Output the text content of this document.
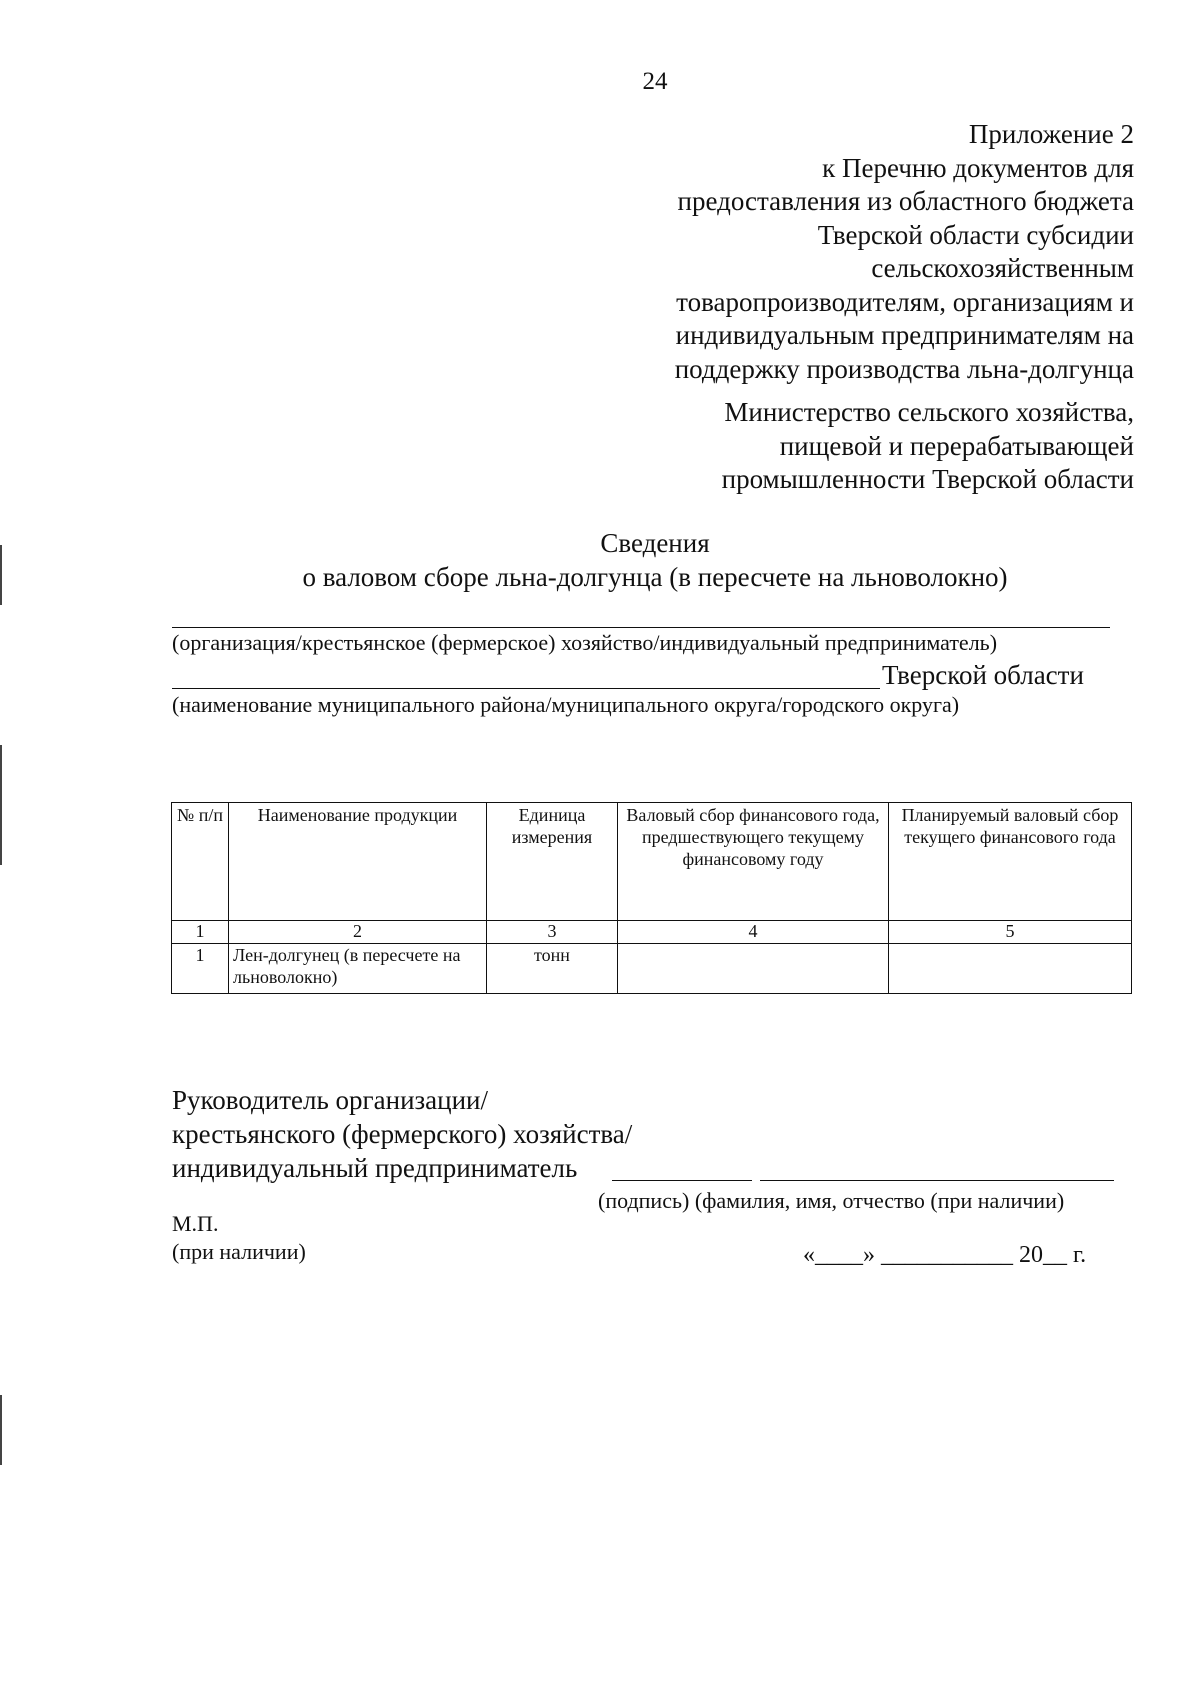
24
Приложение 2
к Перечню документов для
предоставления из областного бюджета
Тверской области субсидии
сельскохозяйственным
товаропроизводителям, организациям и
индивидуальным предпринимателям на
поддержку производства льна-долгунца
Министерство сельского хозяйства,
пищевой и перерабатывающей
промышленности Тверской области
Сведения
о валовом сборе льна-долгунца (в пересчете на льноволокно)
(организация/крестьянское (фермерское) хозяйство/индивидуальный предприниматель)
Тверской области
(наименование муниципального района/муниципального округа/городского округа)
№ п/п	Наименование продукции	Единица измерения	Валовый сбор финансового года, предшествующего текущему финансовому году	Планируемый валовый сбор текущего финансового года
1	2	3	4	5
1	Лен-долгунец (в пересчете на льноволокно)	тонн		
Руководитель организации/
крестьянского (фермерского) хозяйства/
индивидуальный предприниматель
(подпись) (фамилия, имя, отчество (при наличии)
М.П.
(при наличии)	«____» ___________ 20__ г.
